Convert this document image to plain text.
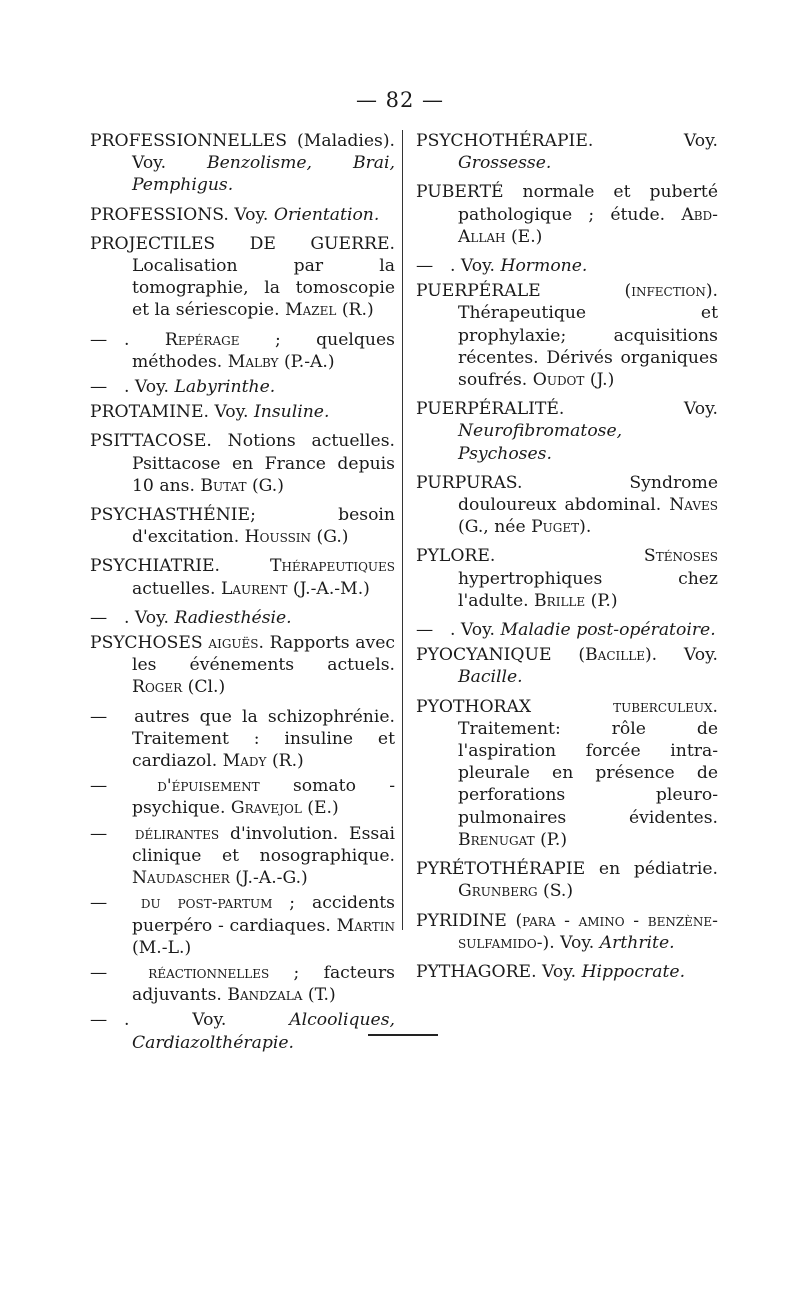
— 82 —
PROFESSIONNELLES (Maladies). Voy. Benzolisme, Brai, Pemphigus.
PROFESSIONS. Voy. Orientation.
PROJECTILES DE GUERRE. Localisation par la tomographie, la tomoscopie et la sériescopie. Mazel (R.)
— . Repérage ; quelques méthodes. Malby (P.-A.)
— . Voy. Labyrinthe.
PROTAMINE. Voy. Insuline.
PSITTACOSE. Notions actuelles. Psittacose en France depuis 10 ans. Butat (G.)
PSYCHASTHÉNIE; besoin d'excitation. Houssin (G.)
PSYCHIATRIE.	Thérapeutiques actuelles. Laurent (J.-A.-M.)
— . Voy. Radiesthésie.
PSYCHOSES aiguës. Rapports avec les événements actuels. Roger (Cl.)
— autres que la schizophrénie. Traitement : insuline et cardiazol. Mady (R.)
—	d'épuisement somato - psychique. Gravejol (E.)
— délirantes d'involution. Essai clinique et nosographique. Naudascher (J.-A.-G.)
— du post-partum ; accidents puerpéro - cardiaques. Martin (M.-L.)
— réactionnelles ; facteurs adjuvants. Bandzala (T.)
— . Voy. Alcooliques, Cardiazolthérapie.
PSYCHOTHÉRAPIE. Voy. Grossesse.
PUBERTÉ normale et puberté pathologique ; étude. Abd-Allah (E.)
— . Voy. Hormone.
PUERPÉRALE (infection). Thérapeutique et prophylaxie; acquisitions récentes. Dérivés organiques soufrés. Oudot (J.)
PUERPÉRALITÉ. Voy. Neurofibromatose, Psychoses.
PURPURAS. Syndrome douloureux abdominal. Naves (G., née Puget).
PYLORE.	Sténoses hypertrophiques chez l'adulte. Brille (P.)
— . Voy. Maladie post-opératoire.
PYOCYANIQUE (Bacille). Voy. Bacille.
PYOTHORAX	tuberculeux. Traitement: rôle de l'aspiration forcée intra-pleurale en présence de perforations pleuro-pulmonaires évidentes. Brenugat (P.)
PYRÉTOTHÉRAPIE en pédiatrie. Grunberg (S.)
PYRIDINE (para - amino - benzène-sulfamido-). Voy. Arthrite.
PYTHAGORE. Voy. Hippocrate.
